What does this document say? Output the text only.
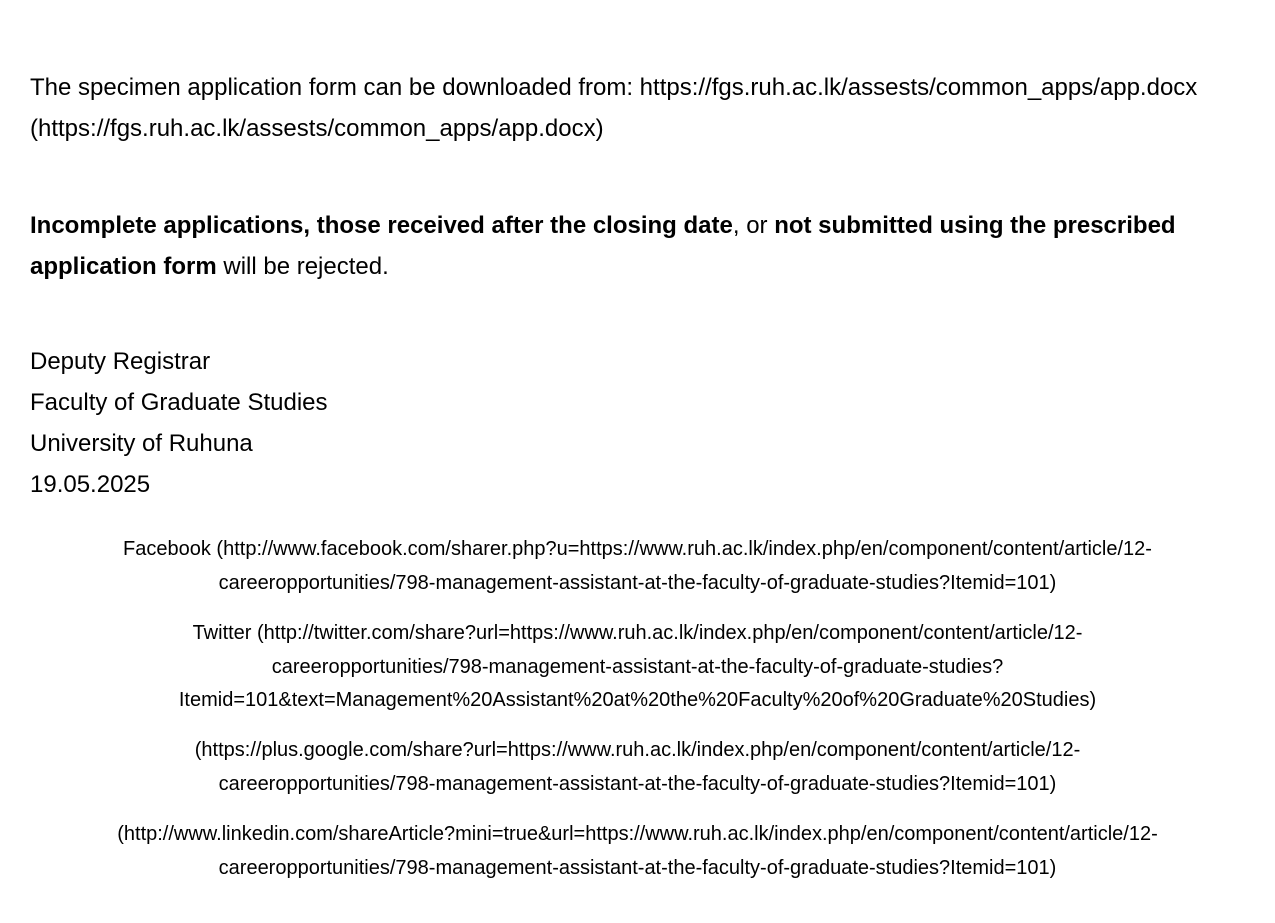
The specimen application form can be downloaded from: https://fgs.ruh.ac.lk/assests/common_apps/app.docx

(https://fgs.ruh.ac.lk/assests/common_apps/app.docx)

Incomplete applications, those received after the closing date, or not submitted using the prescribed

application form will be rejected.

Deputy Registrar

Faculty of Graduate Studies

University of Ruhuna

19.05.2025

Facebook (http://www.facebook.com/sharer.php?u=https://www.ruh.ac.lk/index.php/en/component/content/article/12-
careeropportunities/798-management-assistant-at-the-faculty-of-graduate-studies?Itemid=101)
Twitter (http://twitter.com/share?url=https://www.ruh.ac.lk/index.php/en/component/content/article/12-
careeropportunities/798-management-assistant-at-the-faculty-of-graduate-studies?
Itemid=101&text=Management%20Assistant%20at%20the%20Faculty%20of%20Graduate%20Studies)
(https://plus.google.com/share?url=https://www.ruh.ac.lk/index.php/en/component/content/article/12-
careeropportunities/798-management-assistant-at-the-faculty-of-graduate-studies?Itemid=101)
(http://www.linkedin.com/shareArticle?mini=true&url=https://www.ruh.ac.lk/index.php/en/component/content/article/12-
careeropportunities/798-management-assistant-at-the-faculty-of-graduate-studies?Itemid=101)
